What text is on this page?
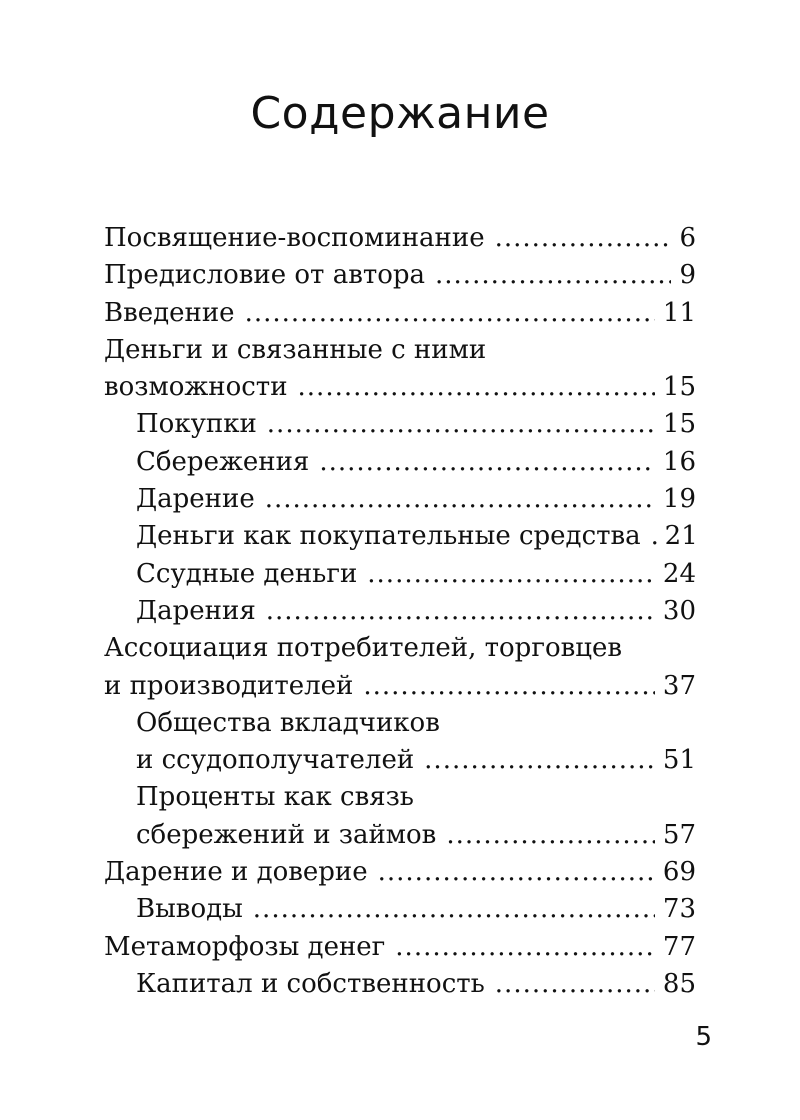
Содержание
Посвящение-воспоминание .....	6
Предисловие от автора .....	9
Введение .....	11
Деньги и связанные с ними
возможности .....	15
Покупки .....	15
Сбережения .....	16
Дарение .....	19
Деньги как покупательные средства ..... 21
Ссудные деньги .....	24
Дарения .....	30
Ассоциация потребителей, торговцев
и производителей .....	37
Общества вкладчиков
и ссудополучателей .....	51
Проценты как связь
сбережений и займов .....	57
Дарение и доверие .....	69
Выводы .....	73
Метаморфозы денег .....	77
Капитал и собственность .....	85
5
